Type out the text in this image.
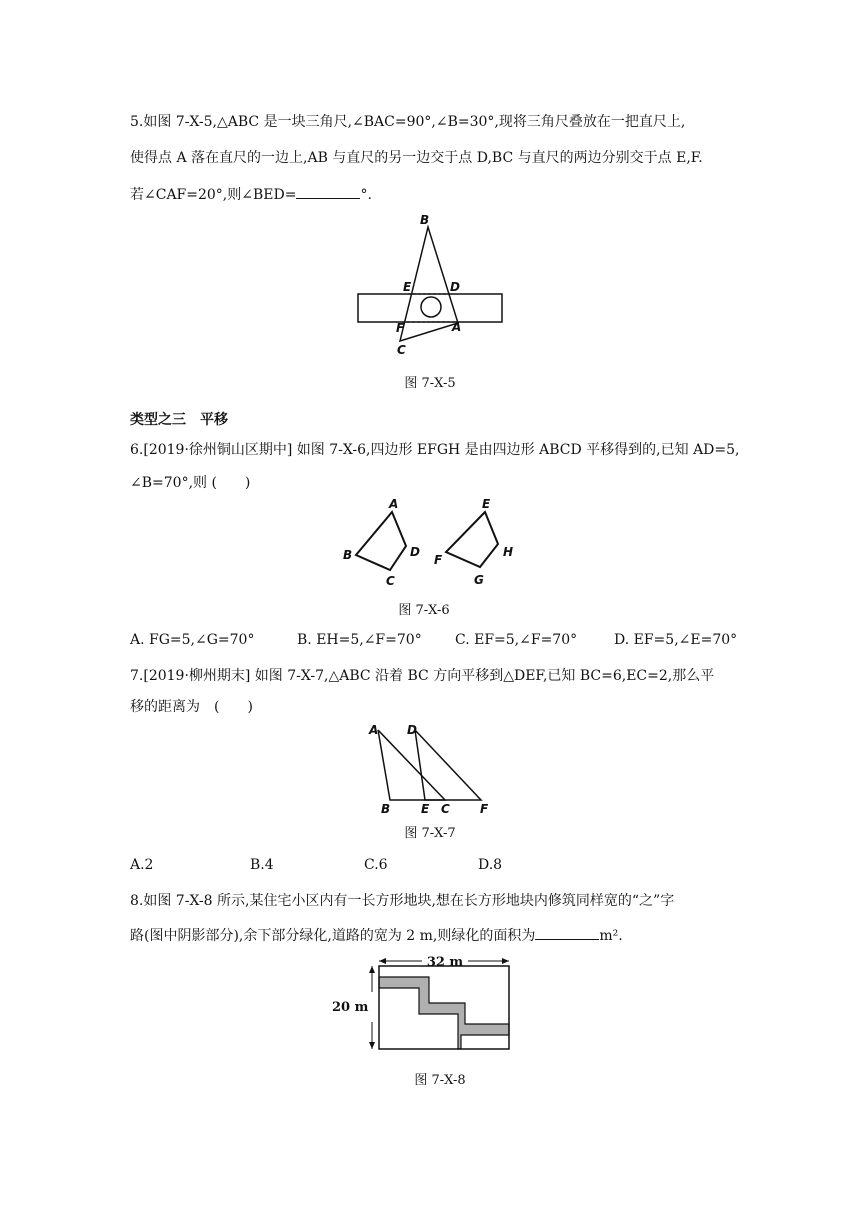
5.如图 7-X-5,△ABC 是一块三角尺,∠BAC=90°,∠B=30°,现将三角尺叠放在一把直尺上,
使得点 A 落在直尺的一边上,AB 与直尺的另一边交于点 D,BC 与直尺的两边分别交于点 E,F.
若∠CAF=20°,则∠BED=	°.
B
E	D
F	A
C
图 7-X-5
类型之三　平移
6.[2019·徐州铜山区期中] 如图 7-X-6,四边形 EFGH 是由四边形 ABCD 平移得到的,已知 AD=5,
∠B=70°,则 (　　)
A
B
C
D
E
F
G
H
图 7-X-6
A. FG=5,∠G=70°	B. EH=5,∠F=70° C. EF=5,∠F=70°	D. EF=5,∠E=70°
7.[2019·柳州期末] 如图 7-X-7,△ABC 沿着 BC 方向平移到△DEF,已知 BC=6,EC=2,那么平
移的距离为　(　　)
A D
B	E C	F
图 7-X-7
A.2	B.4	C.6	D.8
8.如图 7-X-8 所示,某住宅小区内有一长方形地块,想在长方形地块内修筑同样宽的“之”字
路(图中阴影部分),余下部分绿化,道路的宽为 2 m,则绿化的面积为	m².
32 m
20 m
图 7-X-8
